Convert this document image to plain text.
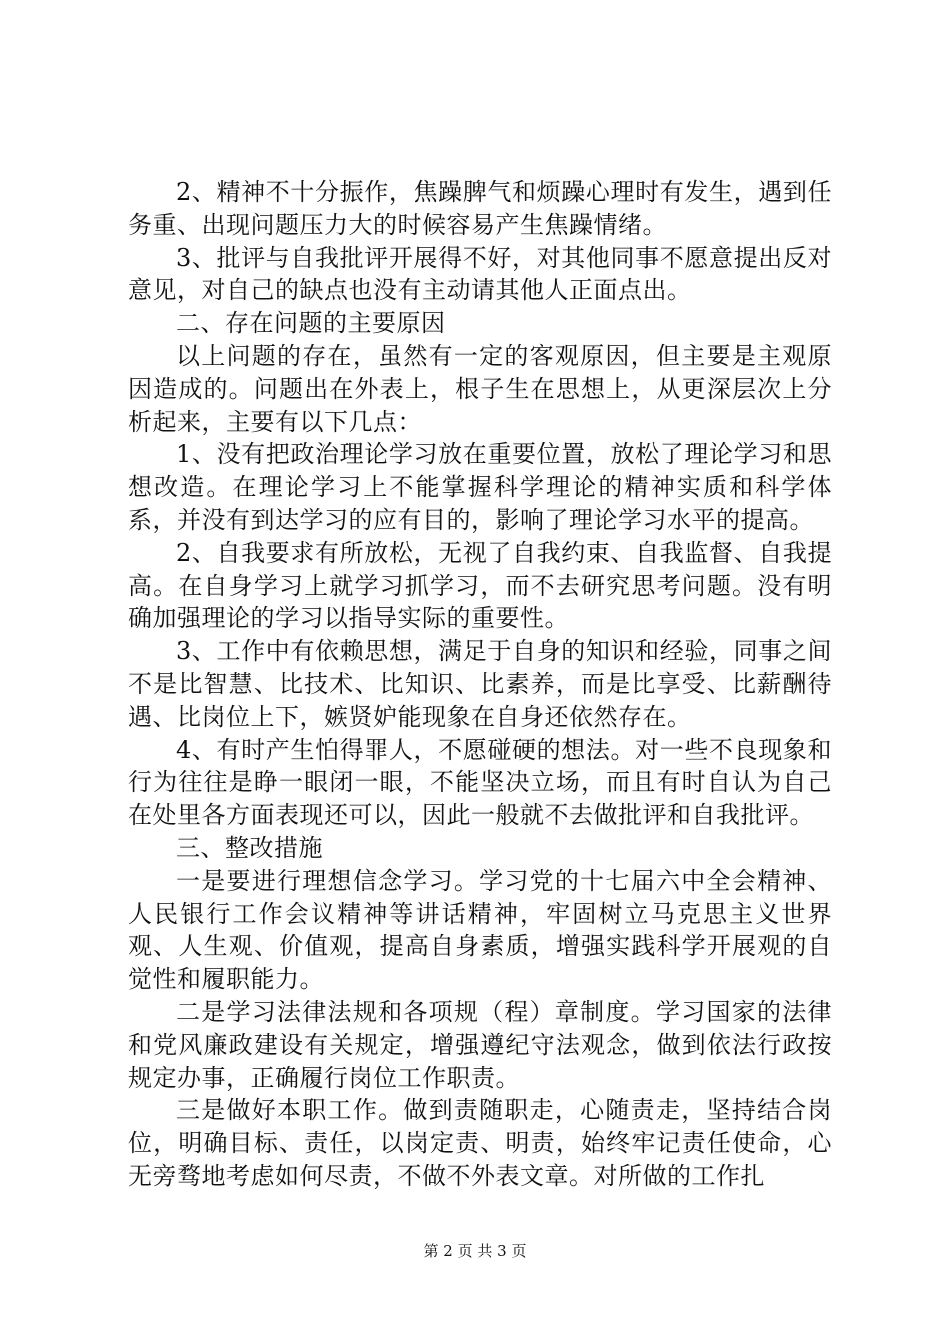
2、精神不十分振作，焦躁脾气和烦躁心理时有发生，遇到任务重、出现问题压力大的时候容易产生焦躁情绪。

3、批评与自我批评开展得不好，对其他同事不愿意提出反对意见，对自己的缺点也没有主动请其他人正面点出。

二、存在问题的主要原因

以上问题的存在，虽然有一定的客观原因，但主要是主观原因造成的。问题出在外表上，根子生在思想上，从更深层次上分析起来，主要有以下几点：

1、没有把政治理论学习放在重要位置，放松了理论学习和思想改造。在理论学习上不能掌握科学理论的精神实质和科学体系，并没有到达学习的应有目的，影响了理论学习水平的提高。

2、自我要求有所放松，无视了自我约束、自我监督、自我提高。在自身学习上就学习抓学习，而不去研究思考问题。没有明确加强理论的学习以指导实际的重要性。

3、工作中有依赖思想，满足于自身的知识和经验，同事之间不是比智慧、比技术、比知识、比素养，而是比享受、比薪酬待遇、比岗位上下，嫉贤妒能现象在自身还依然存在。

4、有时产生怕得罪人，不愿碰硬的想法。对一些不良现象和行为往往是睁一眼闭一眼，不能坚决立场，而且有时自认为自己在处里各方面表现还可以，因此一般就不去做批评和自我批评。

三、整改措施

一是要进行理想信念学习。学习党的十七届六中全会精神、人民银行工作会议精神等讲话精神，牢固树立马克思主义世界观、人生观、价值观，提高自身素质，增强实践科学开展观的自觉性和履职能力。

二是学习法律法规和各项规（程）章制度。学习国家的法律和党风廉政建设有关规定，增强遵纪守法观念，做到依法行政按规定办事，正确履行岗位工作职责。

三是做好本职工作。做到责随职走，心随责走，坚持结合岗位，明确目标、责任，以岗定责、明责，始终牢记责任使命，心无旁骛地考虑如何尽责，不做不外表文章。对所做的工作扎

第 2 页 共 3 页
